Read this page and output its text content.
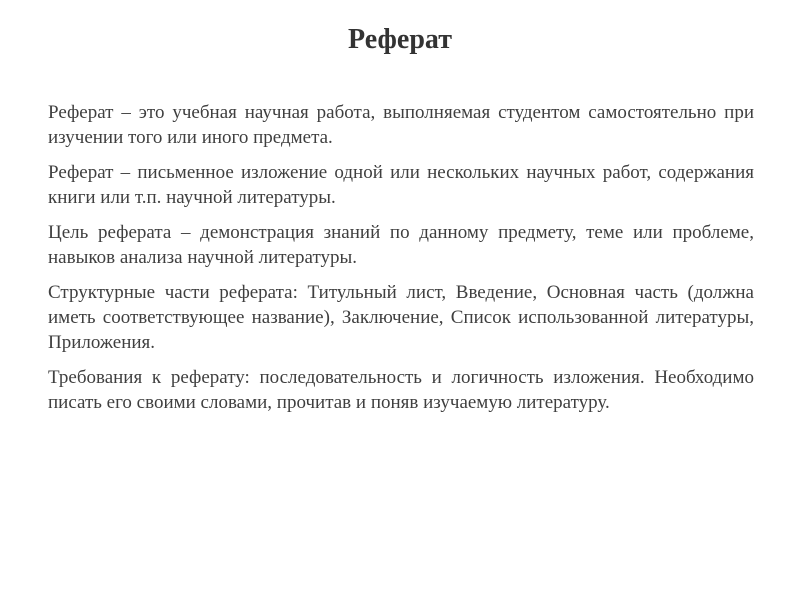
Реферат

Реферат – это учебная научная работа, выполняемая студентом самостоятельно при изучении того или иного предмета.

Реферат – письменное изложение одной или нескольких научных работ, содержания книги или т.п. научной литературы.

Цель реферата – демонстрация знаний по данному предмету, теме или проблеме, навыков анализа научной литературы.

Структурные части реферата: Титульный лист, Введение, Основная часть (должна иметь соответствующее название), Заключение, Список использованной литературы, Приложения.

Требования к реферату: последовательность и логичность изложения. Необходимо писать его своими словами, прочитав и поняв изучаемую литературу.
